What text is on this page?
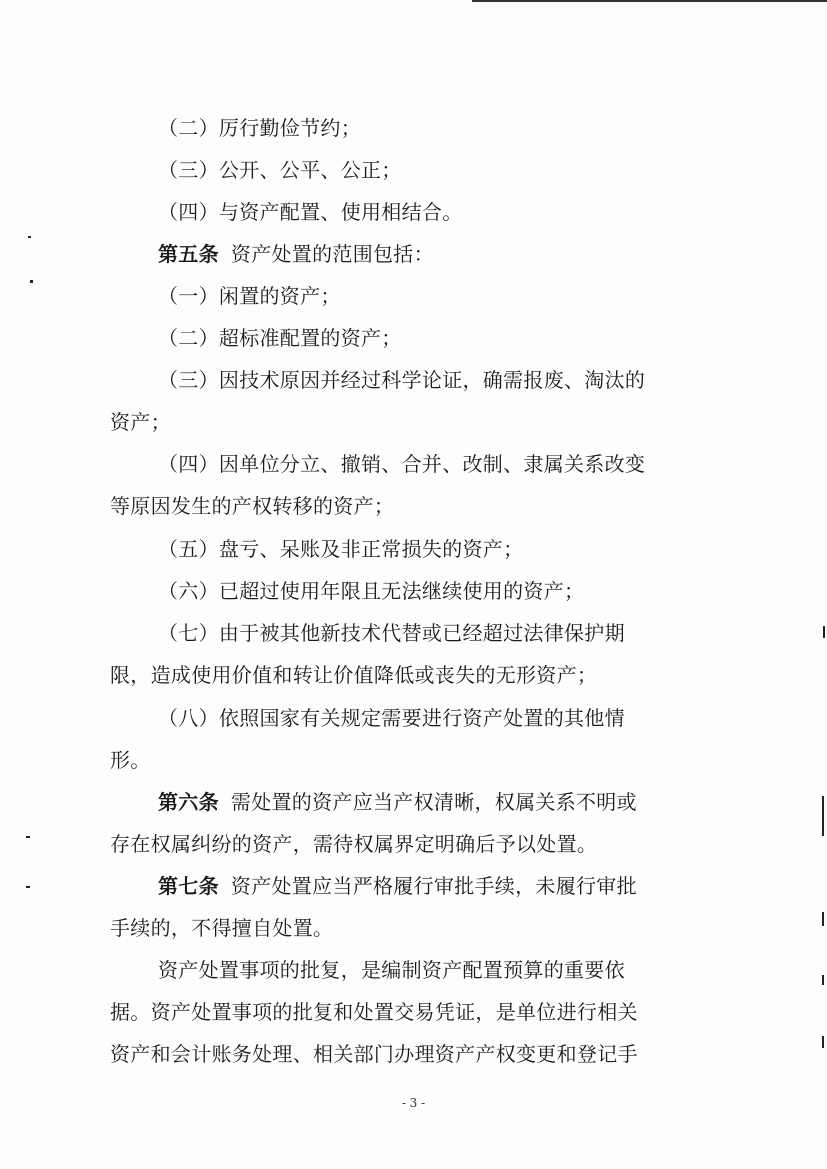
（二）厉行勤俭节约；
（三）公开、公平、公正；
（四）与资产配置、使用相结合。
第五条 资产处置的范围包括：
（一）闲置的资产；
（二）超标准配置的资产；
（三）因技术原因并经过科学论证，确需报废、淘汰的
资产；
（四）因单位分立、撤销、合并、改制、隶属关系改变
等原因发生的产权转移的资产；
（五）盘亏、呆账及非正常损失的资产；
（六）已超过使用年限且无法继续使用的资产；
（七）由于被其他新技术代替或已经超过法律保护期
限，造成使用价值和转让价值降低或丧失的无形资产；
（八）依照国家有关规定需要进行资产处置的其他情
形。
第六条 需处置的资产应当产权清晰，权属关系不明或
存在权属纠纷的资产，需待权属界定明确后予以处置。
第七条 资产处置应当严格履行审批手续，未履行审批
手续的，不得擅自处置。
资产处置事项的批复，是编制资产配置预算的重要依
据。资产处置事项的批复和处置交易凭证，是单位进行相关
资产和会计账务处理、相关部门办理资产产权变更和登记手
- 3 -
